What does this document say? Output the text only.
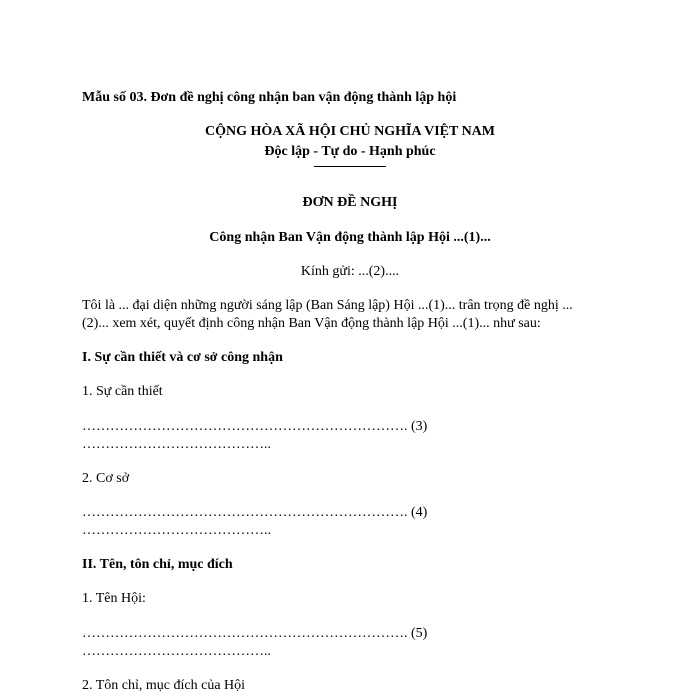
Mẫu số 03. Đơn đề nghị công nhận ban vận động thành lập hội
CỘNG HÒA XÃ HỘI CHỦ NGHĨA VIỆT NAM
Độc lập - Tự do - Hạnh phúc
ĐƠN ĐỀ NGHỊ
Công nhận Ban Vận động thành lập Hội ...(1)...
Kính gửi: ...(2)....
Tôi là ... đại diện những người sáng lập (Ban Sáng lập) Hội ...(1)... trân trọng đề nghị ...
(2)... xem xét, quyết định công nhận Ban Vận động thành lập Hội ...(1)... như sau:
I. Sự cần thiết và cơ sở công nhận
1. Sự cần thiết
……………………………………………………………. (3)
…………………………………..
2. Cơ sở
……………………………………………………………. (4)
…………………………………..
II. Tên, tôn chỉ, mục đích
1. Tên Hội:
……………………………………………………………. (5)
…………………………………..
2. Tôn chỉ, mục đích của Hội
